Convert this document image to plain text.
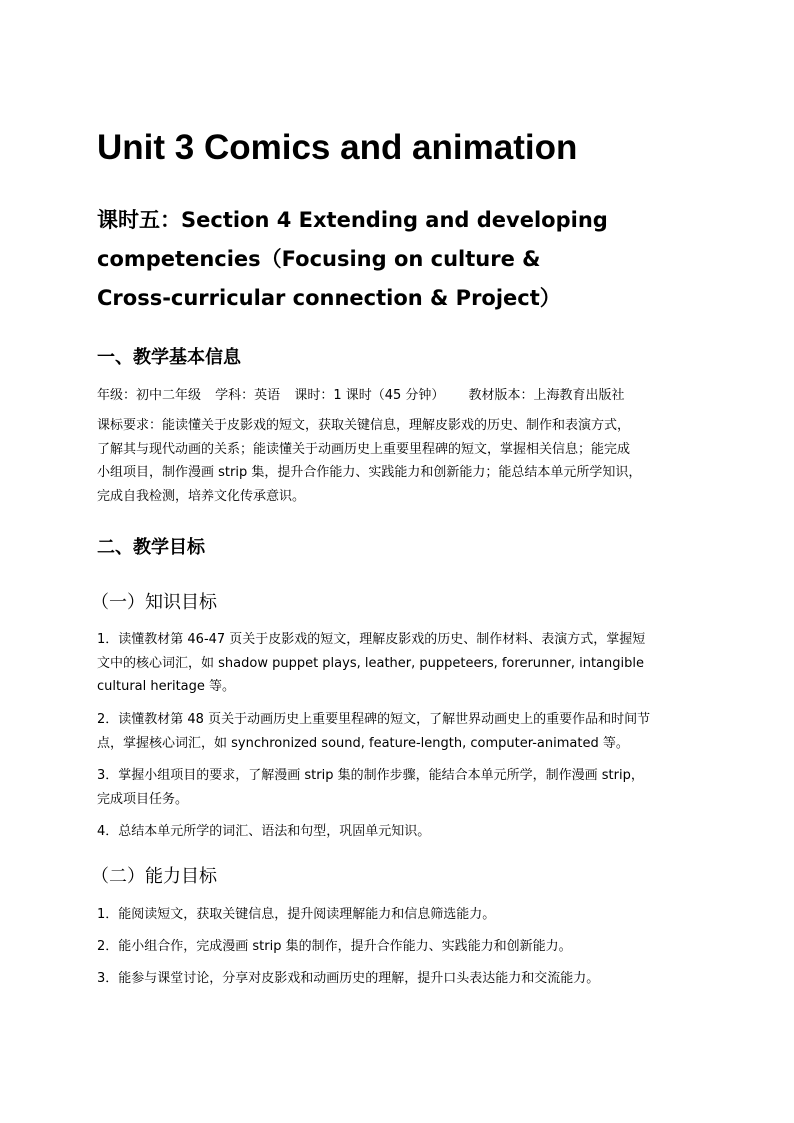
Unit 3 Comics and animation
课时五：Section 4 Extending and developing
competencies（Focusing on culture &
Cross-curricular connection & Project）
一、教学基本信息

年级：初中二年级 学科：英语 课时：1 课时（45 分钟） 教材版本：上海教育出版社

课标要求：能读懂关于皮影戏的短文，获取关键信息，理解皮影戏的历史、制作和表演方式，
了解其与现代动画的关系；能读懂关于动画历史上重要里程碑的短文，掌握相关信息；能完成
小组项目，制作漫画 strip 集，提升合作能力、实践能力和创新能力；能总结本单元所学知识，
完成自我检测，培养文化传承意识。

二、教学目标
（一）知识目标

1．读懂教材第 46-47 页关于皮影戏的短文，理解皮影戏的历史、制作材料、表演方式，掌握短
文中的核心词汇，如 shadow puppet plays, leather, puppeteers, forerunner, intangible
cultural heritage 等。

2．读懂教材第 48 页关于动画历史上重要里程碑的短文，了解世界动画史上的重要作品和时间节
点，掌握核心词汇，如 synchronized sound, feature-length, computer-animated 等。

3．掌握小组项目的要求，了解漫画 strip 集的制作步骤，能结合本单元所学，制作漫画 strip，
完成项目任务。

4．总结本单元所学的词汇、语法和句型，巩固单元知识。

（二）能力目标

1．能阅读短文，获取关键信息，提升阅读理解能力和信息筛选能力。

2．能小组合作，完成漫画 strip 集的制作，提升合作能力、实践能力和创新能力。

3．能参与课堂讨论，分享对皮影戏和动画历史的理解，提升口头表达能力和交流能力。
